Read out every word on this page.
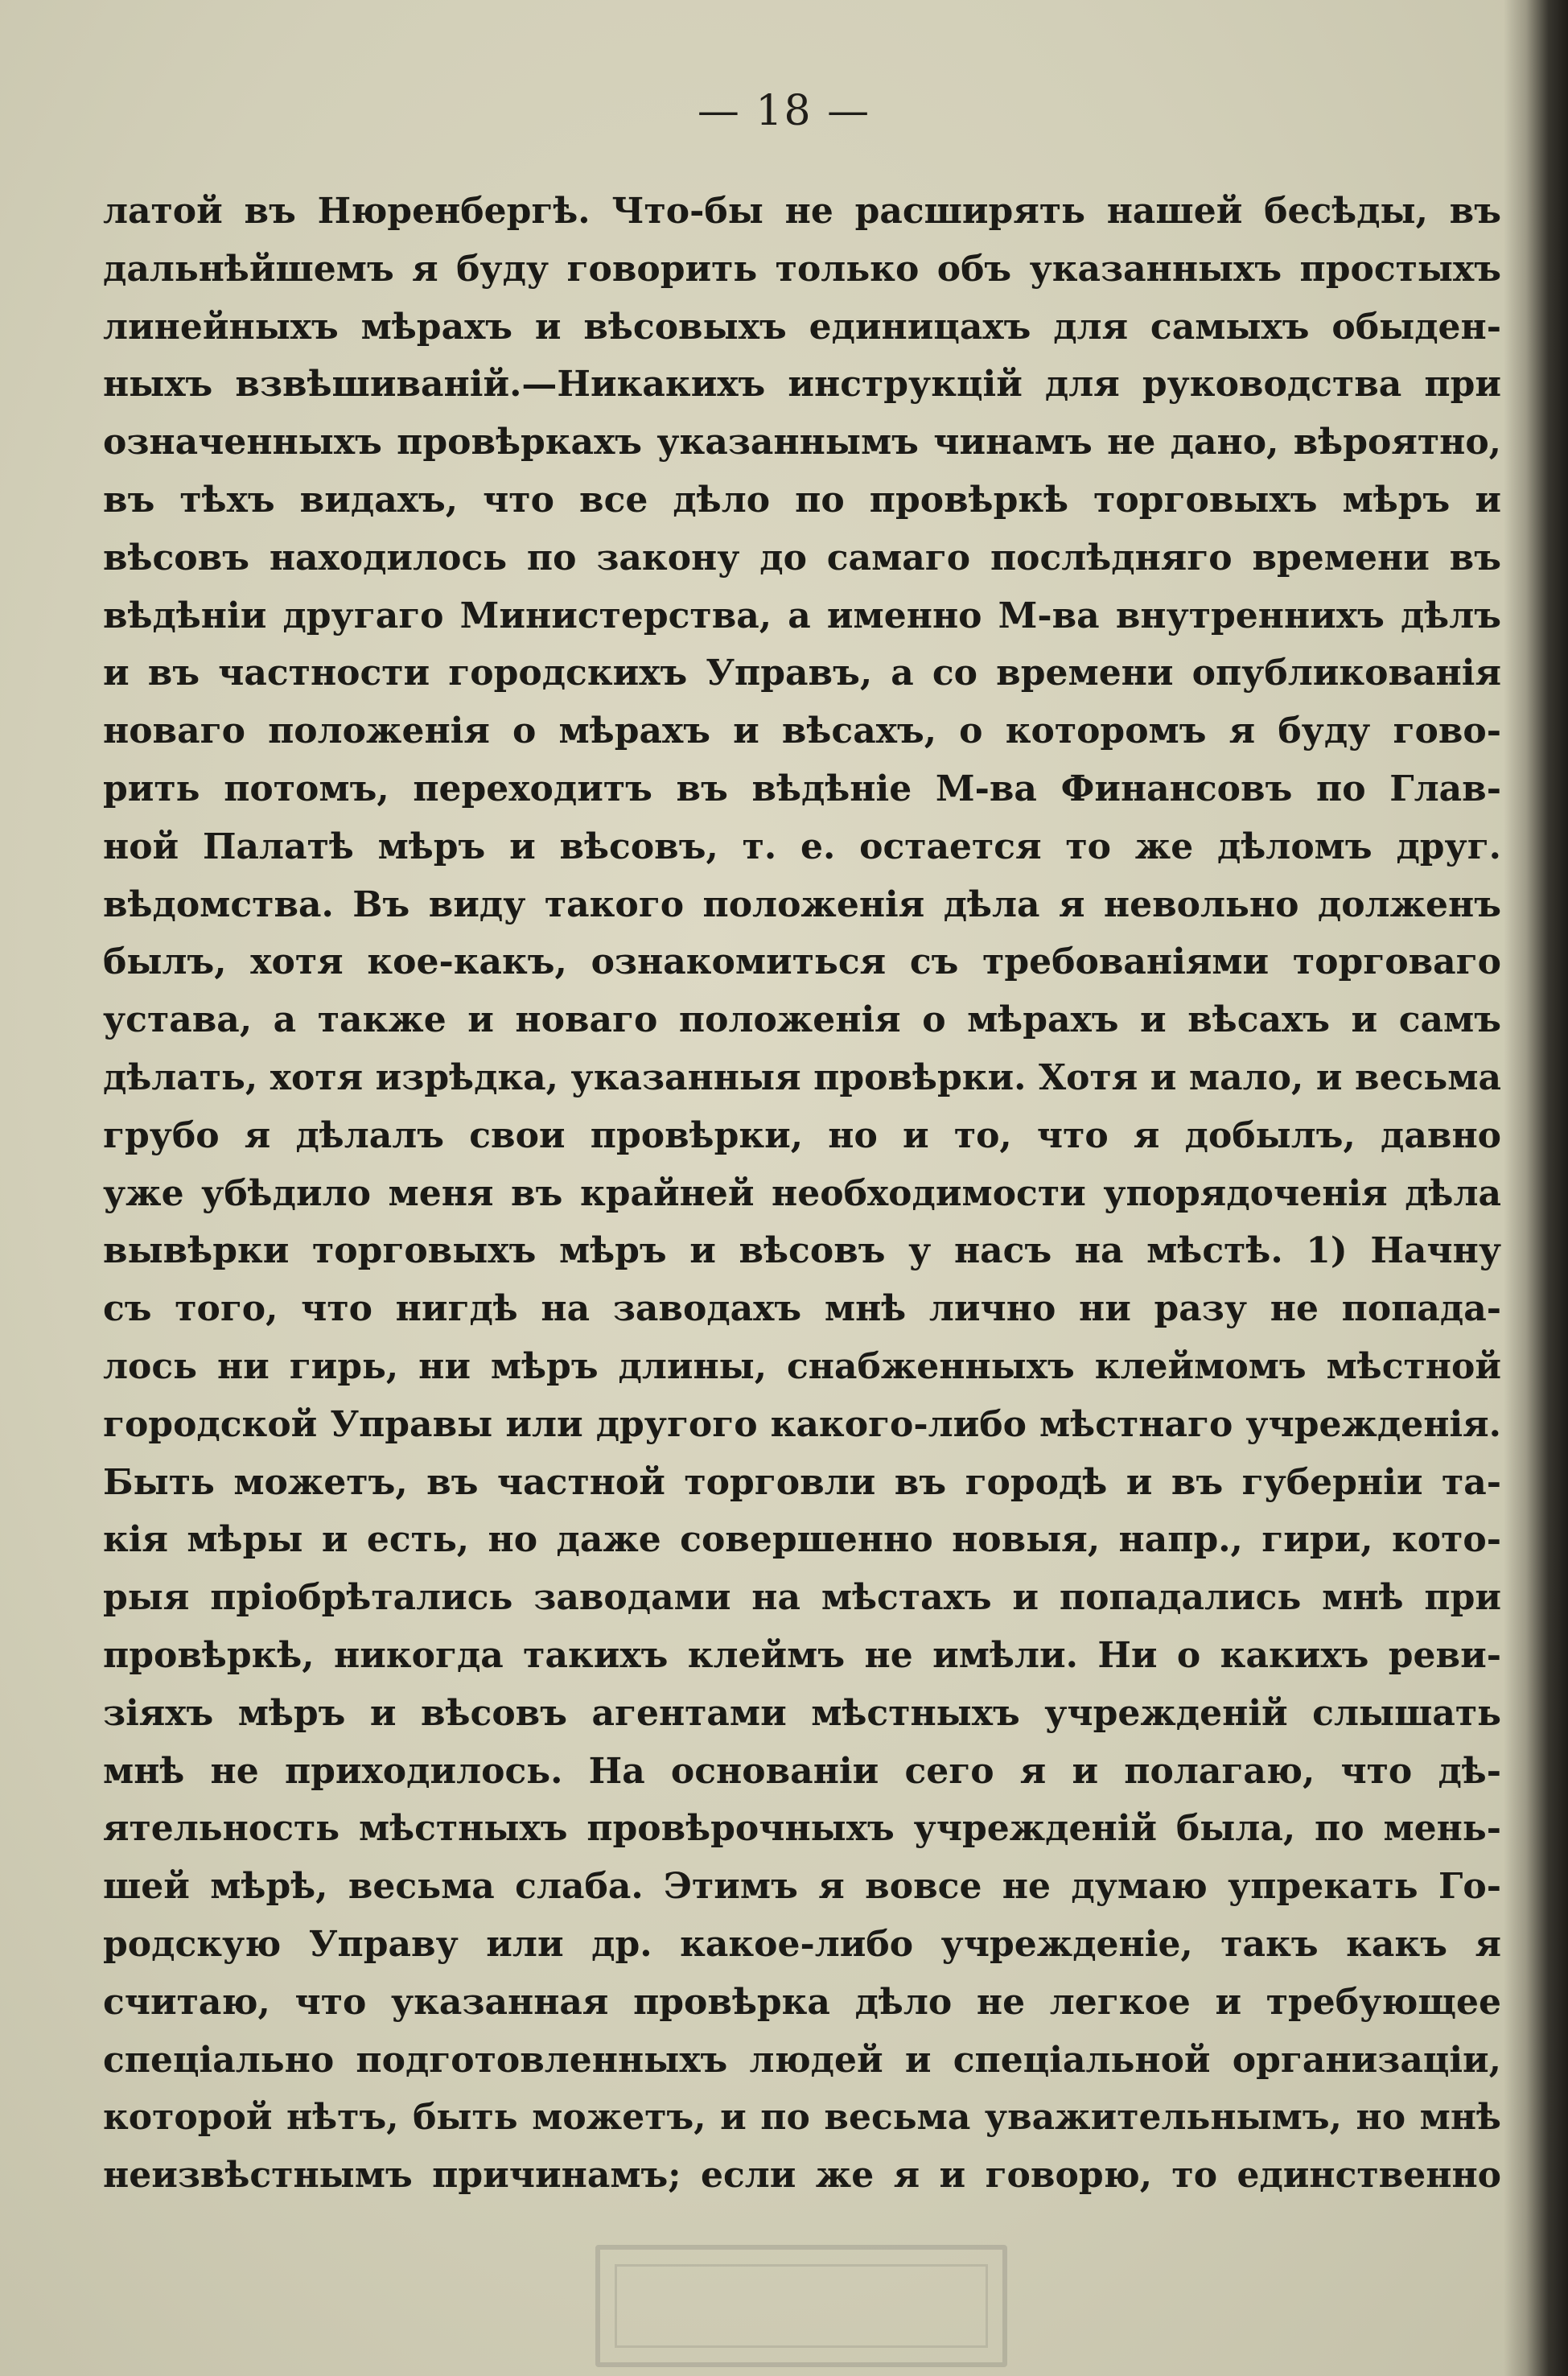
— 18 —
латой въ Нюренбергѣ. Что-бы не расширять нашей бесѣды, въ
дальнѣйшемъ я буду говорить только объ указанныхъ простыхъ
линейныхъ мѣрахъ и вѣсовыхъ единицахъ для самыхъ обыден-
ныхъ взвѣшиванiй.—Никакихъ инструкцiй для руководства при
означенныхъ провѣркахъ указаннымъ чинамъ не дано, вѣроятно,
въ тѣхъ видахъ, что все дѣло по провѣркѣ торговыхъ мѣръ и
вѣсовъ находилось по закону до самаго послѣдняго времени въ
вѣдѣнiи другаго Министерства, а именно М-ва внутреннихъ дѣлъ
и въ частности городскихъ Управъ, а со времени опубликованiя
новаго положенiя о мѣрахъ и вѣсахъ, о которомъ я буду гово-
рить потомъ, переходитъ въ вѣдѣнiе М-ва Финансовъ по Глав-
ной Палатѣ мѣръ и вѣсовъ, т. е. остается то же дѣломъ друг.
вѣдомства. Въ виду такого положенiя дѣла я невольно долженъ
былъ, хотя кое-какъ, ознакомиться съ требованiями торговаго
устава, а также и новаго положенiя о мѣрахъ и вѣсахъ и самъ
дѣлать, хотя изрѣдка, указанныя провѣрки. Хотя и мало, и весьма
грубо я дѣлалъ свои провѣрки, но и то, что я добылъ, давно
уже убѣдило меня въ крайней необходимости упорядоченiя дѣла
вывѣрки торговыхъ мѣръ и вѣсовъ у насъ на мѣстѣ. 1) Начну
съ того, что нигдѣ на заводахъ мнѣ лично ни разу не попада-
лось ни гирь, ни мѣръ длины, снабженныхъ клеймомъ мѣстной
городской Управы или другого какого-либо мѣстнаго учрежденiя.
Быть можетъ, въ частной торговли въ городѣ и въ губернiи та-
кiя мѣры и есть, но даже совершенно новыя, напр., гири, кото-
рыя прiобрѣтались заводами на мѣстахъ и попадались мнѣ при
провѣркѣ, никогда такихъ клеймъ не имѣли. Ни о какихъ реви-
зiяхъ мѣръ и вѣсовъ агентами мѣстныхъ учрежденiй слышать
мнѣ не приходилось. На основанiи сего я и полагаю, что дѣ-
ятельность мѣстныхъ провѣрочныхъ учрежденiй была, по мень-
шей мѣрѣ, весьма слаба. Этимъ я вовсе не думаю упрекать Го-
родскую Управу или др. какое-либо учрежденiе, такъ какъ я
считаю, что указанная провѣрка дѣло не легкое и требующее
спецiально подготовленныхъ людей и спецiальной организацiи,
которой нѣтъ, быть можетъ, и по весьма уважительнымъ, но мнѣ
неизвѣстнымъ причинамъ; если же я и говорю, то единственно
